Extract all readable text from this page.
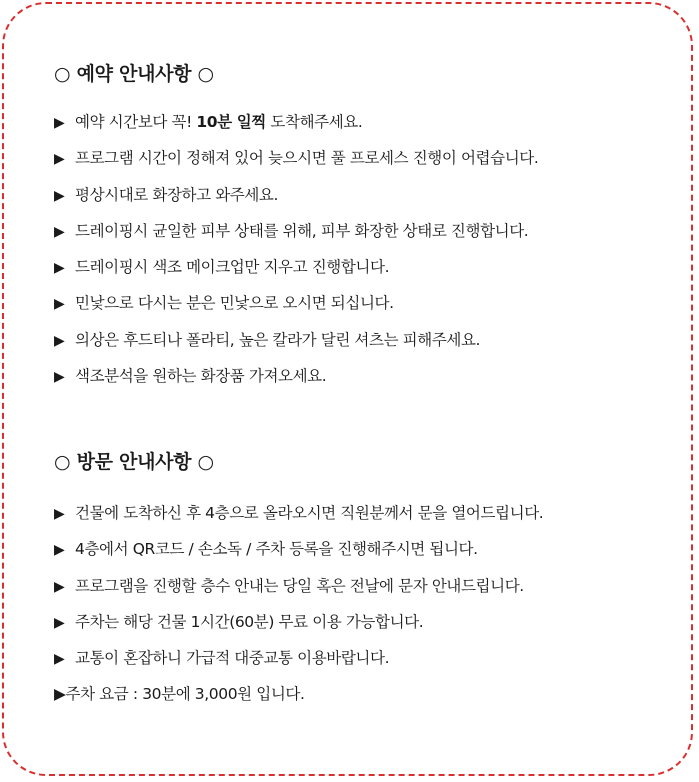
○ 예약 안내사항 ○
▶ 예약 시간보다 꼭! 10분 일찍 도착해주세요.
▶ 프로그램 시간이 정해져 있어 늦으시면 풀 프로세스 진행이 어렵습니다.
▶ 평상시대로 화장하고 와주세요.
▶ 드레이핑시 균일한 피부 상태를 위해, 피부 화장한 상태로 진행합니다.
▶ 드레이핑시 색조 메이크업만 지우고 진행합니다.
▶ 민낯으로 다시는 분은 민낯으로 오시면 되십니다.
▶ 의상은 후드티나 폴라티, 높은 칼라가 달린 셔츠는 피해주세요.
▶ 색조분석을 원하는 화장품 가져오세요.
○ 방문 안내사항 ○
▶ 건물에 도착하신 후 4층으로 올라오시면 직원분께서 문을 열어드립니다.
▶ 4층에서 QR코드 / 손소독 / 주차 등록을 진행해주시면 됩니다.
▶ 프로그램을 진행할 층수 안내는 당일 혹은 전날에 문자 안내드립니다.
▶ 주차는 해당 건물 1시간(60분) 무료 이용 가능합니다.
▶ 교통이 혼잡하니 가급적 대중교통 이용바랍니다.
▶주차 요금 : 30분에 3,000원 입니다.
